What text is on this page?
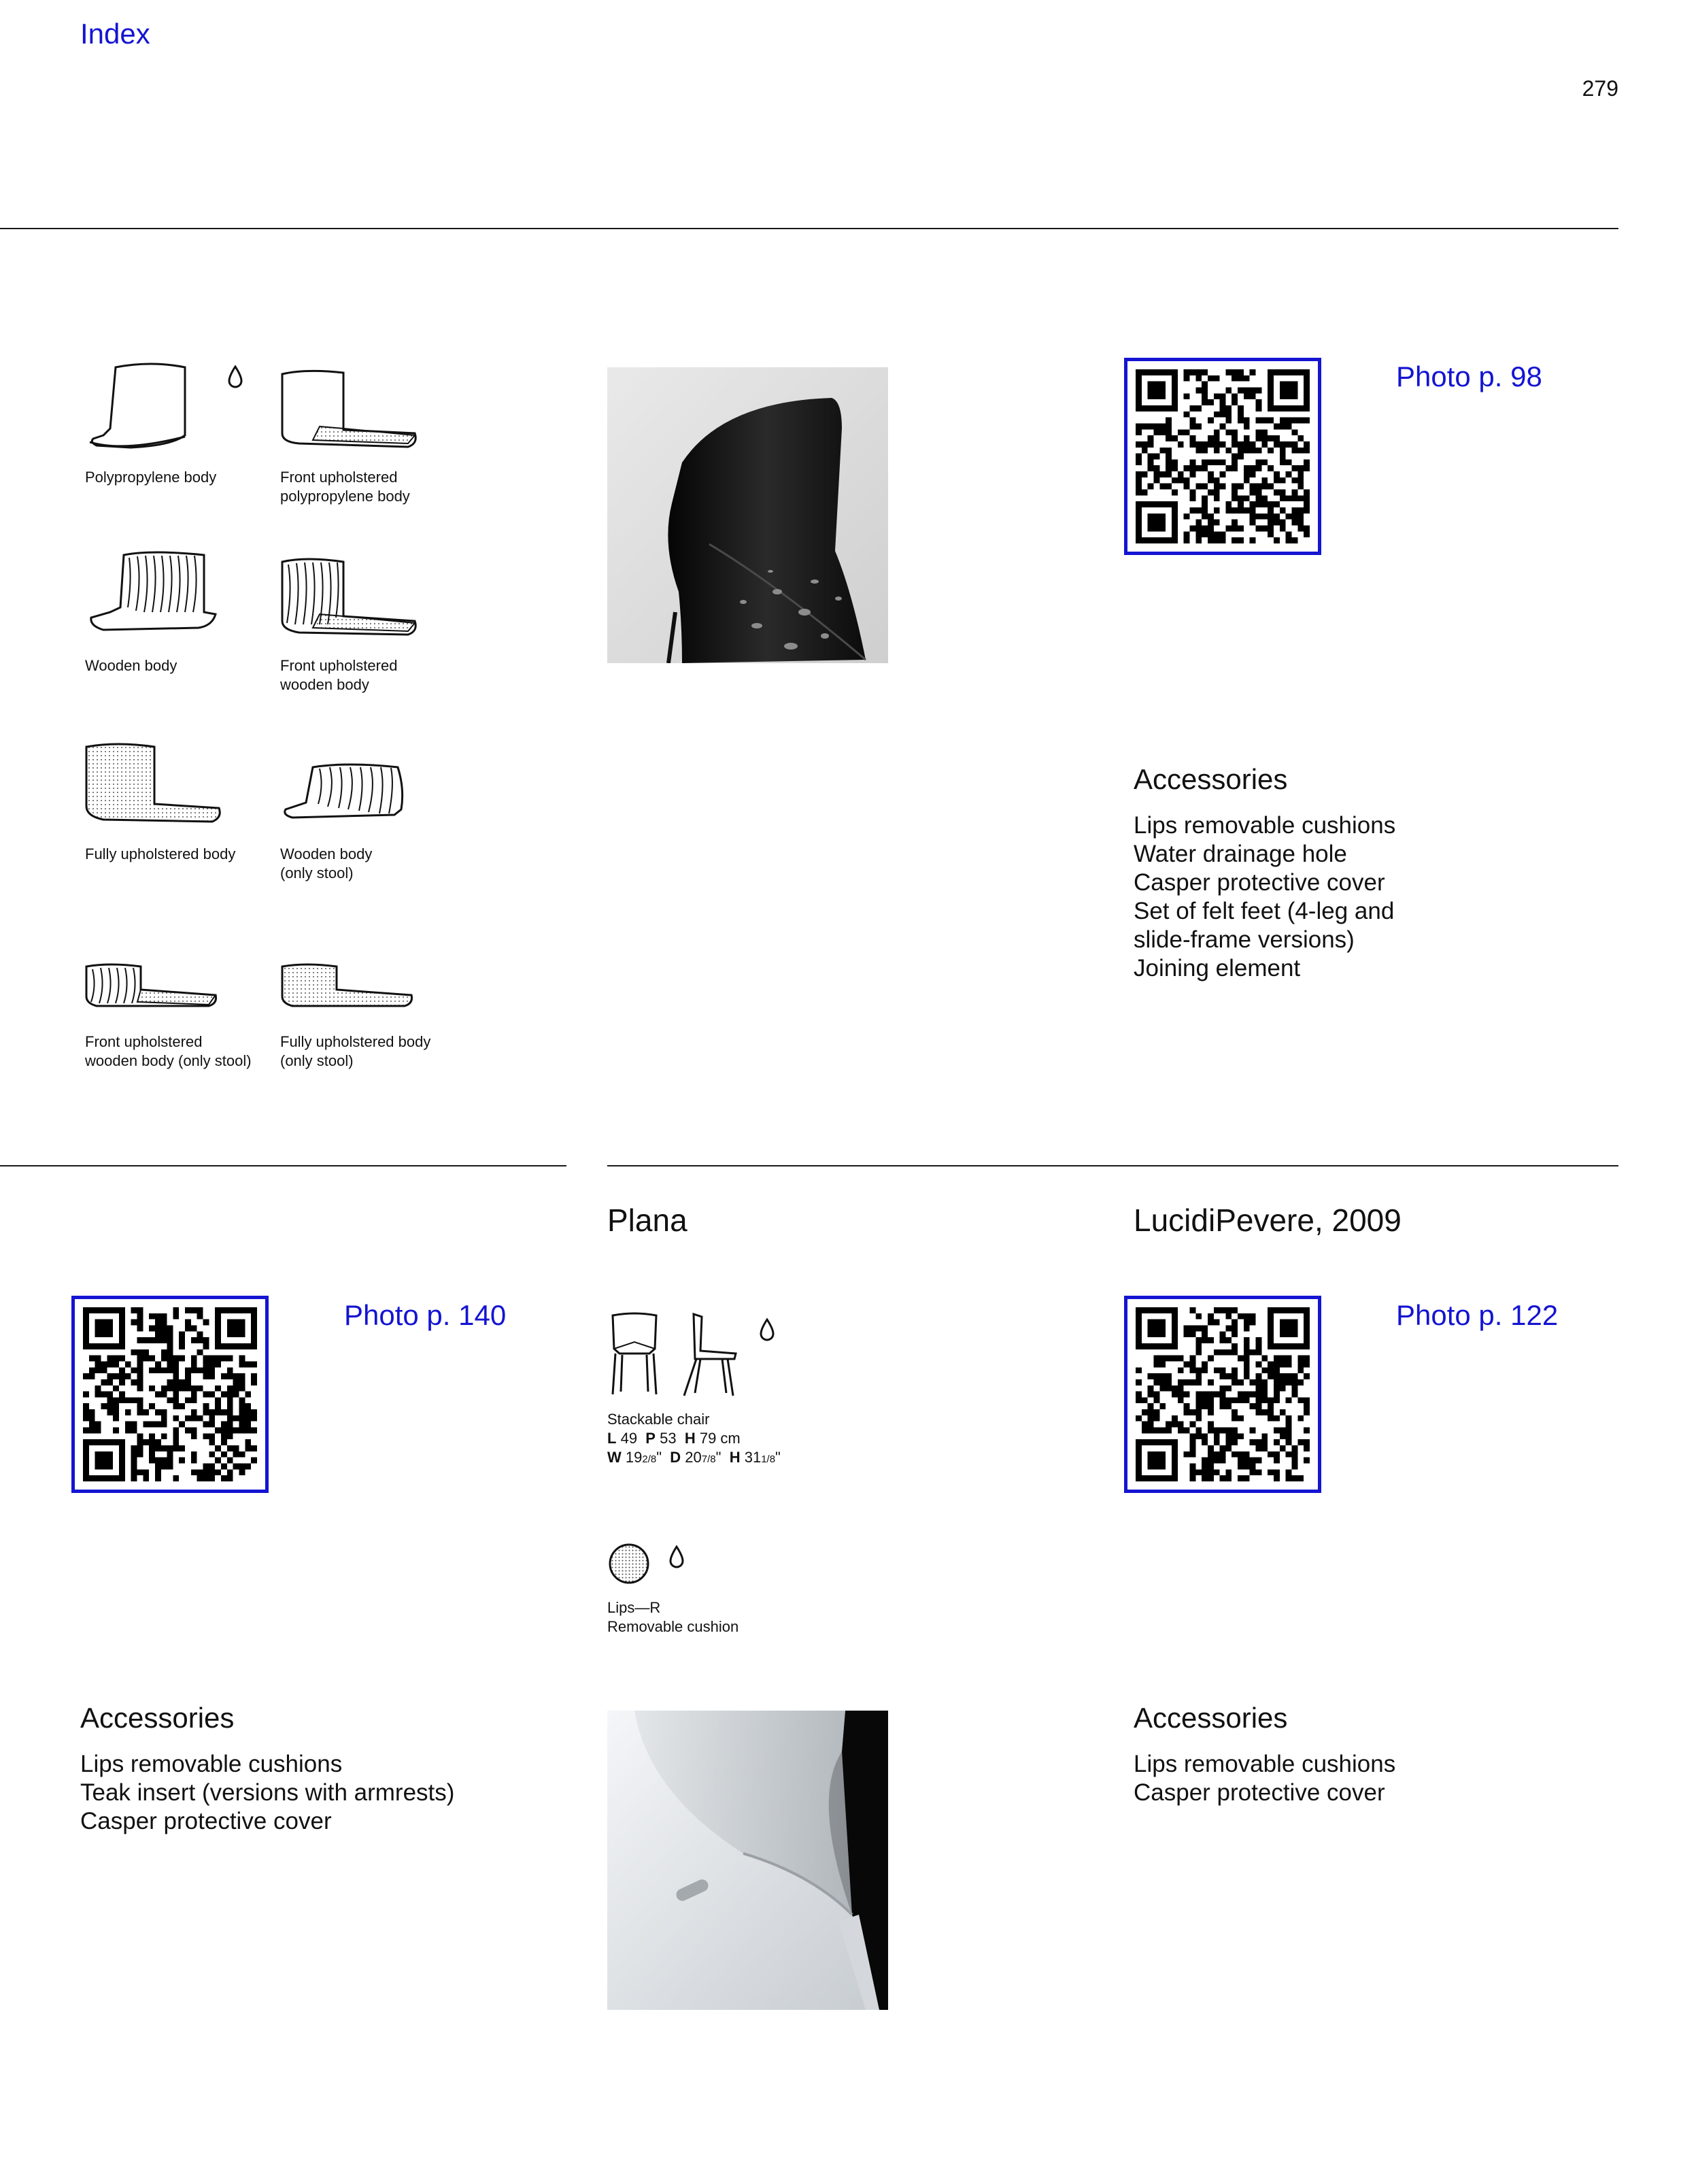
Index
279
Polypropylene body	Front upholstered
polypropylene body
Wooden body	Front upholstered
wooden body
Fully upholstered body	Wooden body
(only stool)
Front upholstered
wooden body (only stool)
Fully upholstered body
(only stool)
Photo p. 98
Accessories
Lips removable cushions
Water drainage hole
Casper protective cover
Set of felt feet (4-leg and
slide-frame versions)
Joining element
Photo p. 140
Accessories
Lips removable cushions
Teak insert (versions with armrests)
Casper protective cover
Plana	LucidiPevere, 2009
Stackable chair
L 49 P 53 H 79 cm
W 192/8" D 207/8" H 311/8"
Lips—R
Removable cushion
Photo p. 122
Accessories
Lips removable cushions
Casper protective cover
